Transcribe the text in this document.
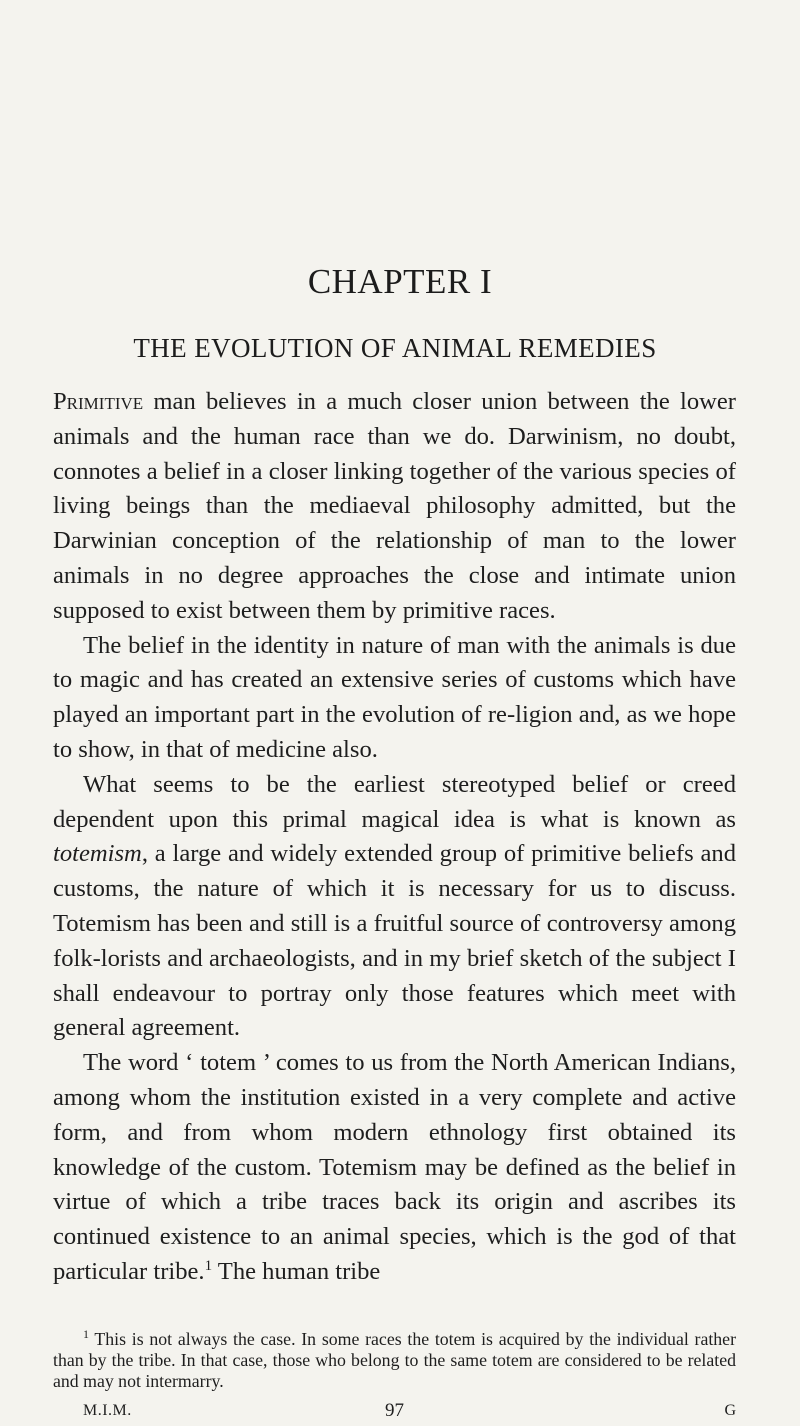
CHAPTER I
THE EVOLUTION OF ANIMAL REMEDIES

Primitive man believes in a much closer union between the lower animals and the human race than we do. Darwinism, no doubt, connotes a belief in a closer linking together of the various species of living beings than the mediaeval philosophy admitted, but the Darwinian conception of the relationship of man to the lower animals in no degree approaches the close and intimate union supposed to exist between them by primitive races.

The belief in the identity in nature of man with the animals is due to magic and has created an extensive series of customs which have played an important part in the evolution of re-ligion and, as we hope to show, in that of medicine also.

What seems to be the earliest stereotyped belief or creed dependent upon this primal magical idea is what is known as totemism, a large and widely extended group of primitive beliefs and customs, the nature of which it is necessary for us to discuss. Totemism has been and still is a fruitful source of controversy among folk-lorists and archaeologists, and in my brief sketch of the subject I shall endeavour to portray only those features which meet with general agreement.

The word ‘ totem ’ comes to us from the North American Indians, among whom the institution existed in a very complete and active form, and from whom modern ethnology first obtained its knowledge of the custom. Totemism may be defined as the belief in virtue of which a tribe traces back its origin and ascribes its continued existence to an animal species, which is the god of that particular tribe.$^1$ The human tribe

$^1$ This is not always the case. In some races the totem is acquired by the individual rather than by the tribe. In that case, those who belong to the same totem are considered to be related and may not intermarry.
M.I.M.	97	G
